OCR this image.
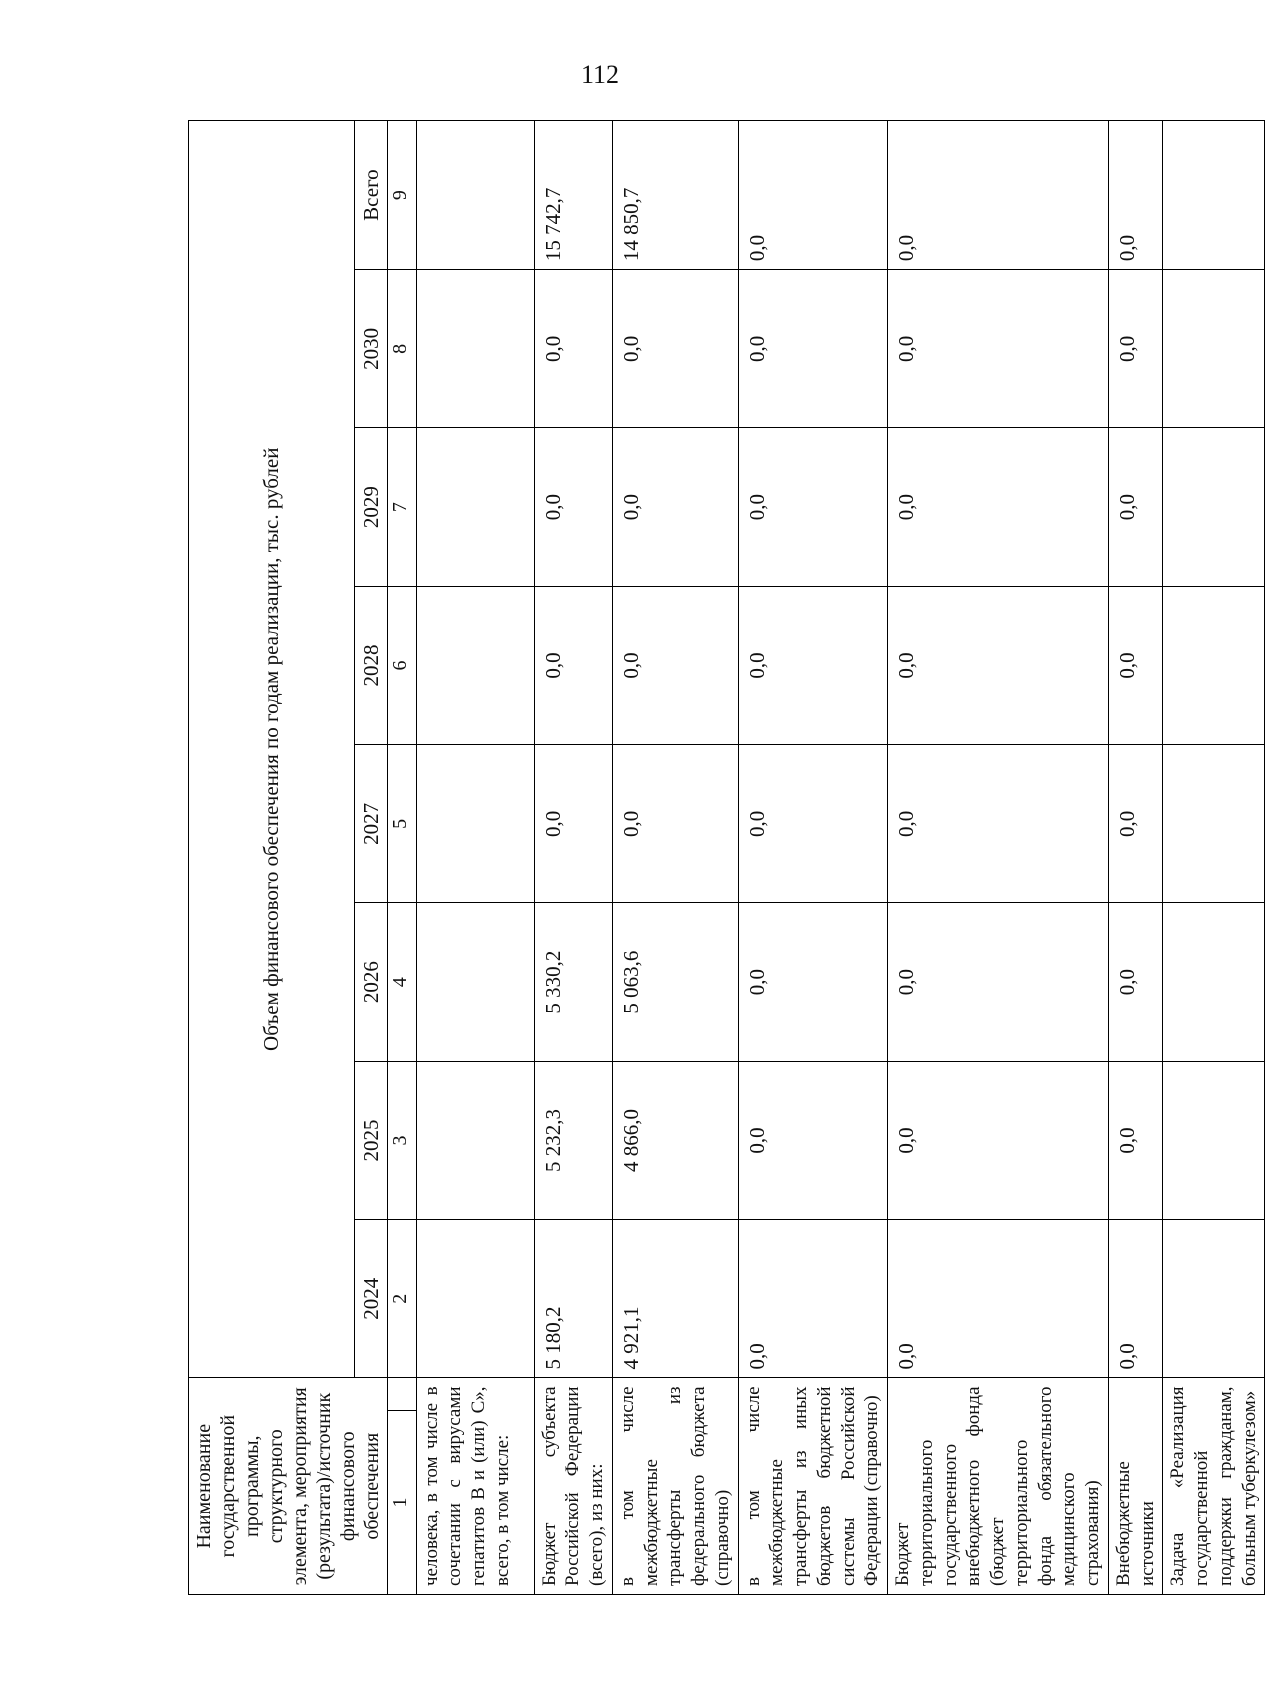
112
Наименование государственной программы, структурного элемента, мероприятия (результата)/источник финансового обеспечения		Объем финансового обеспечения по годам реализации, тыс. рублей							
		2024	2025	2026	2027	2028	2029	2030	Всего
1		2	3	4	5	6	7	8	9
человека, в том числе в сочетании с вирусами гепатитов В и (или) С», всего, в том числе:									
Бюджет субъекта Российской Федерации (всего), из них:		5 180,2	5 232,3	5 330,2	0,0	0,0	0,0	0,0	15 742,7
в том числе межбюджетные трансферты из федерального бюджета (справочно)		4 921,1	4 866,0	5 063,6	0,0	0,0	0,0	0,0	14 850,7
в том числе межбюджетные трансферты из иных бюджетов бюджетной системы Российской Федерации (справочно)		0,0	0,0	0,0	0,0	0,0	0,0	0,0	0,0
Бюджет территориального государственного внебюджетного фонда (бюджет территориального фонда обязательного медицинского страхования)		0,0	0,0	0,0	0,0	0,0	0,0	0,0	0,0
Внебюджетные источники		0,0	0,0	0,0	0,0	0,0	0,0	0,0	0,0
Задача «Реализация государственной поддержки гражданам, больным туберкулезом»									
